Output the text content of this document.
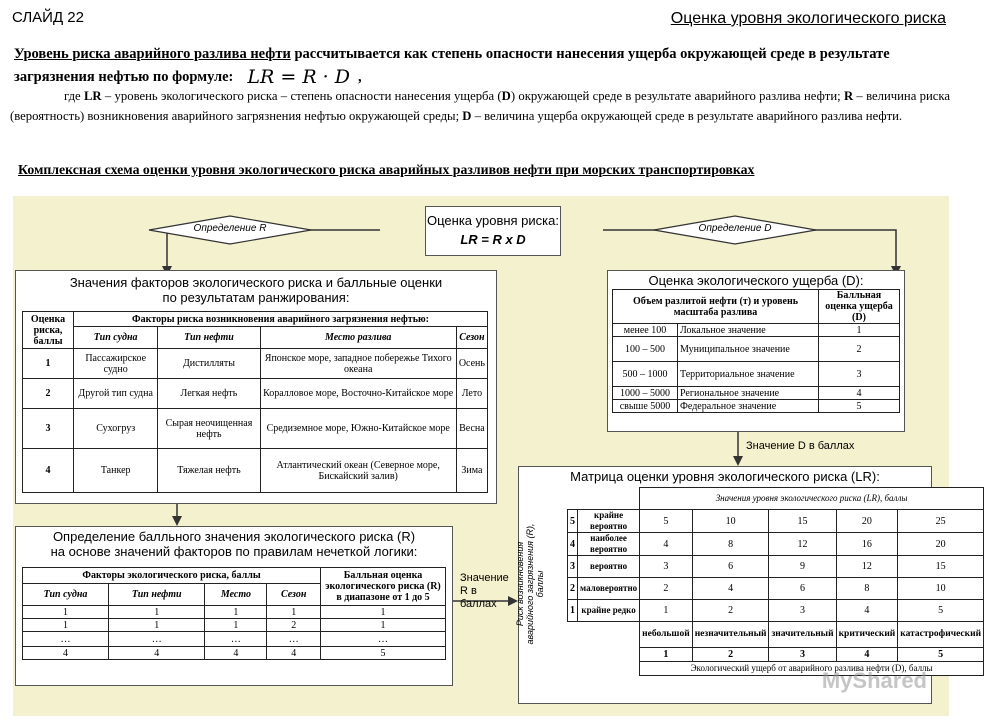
СЛАЙД 22	Оценка уровня экологического риска
Уровень риска аварийного разлива нефти рассчитывается как степень опасности нанесения ущерба окружающей среде в результате загрязнения нефтью по формуле: LR = R · D ,
где LR – уровень экологического риска – степень опасности нанесения ущерба (D) окружающей среде в результате аварийного разлива нефти; R – величина риска (вероятность) возникновения аварийного загрязнения нефтью окружающей среды; D – величина ущерба окружающей среде в результате аварийного разлива нефти.
Комплексная схема оценки уровня экологического риска аварийных разливов нефти при морских транспортировках
Определение R	Определение D
Оценка уровня риска:
LR = R x D
Значения факторов экологического риска и балльные оценки
по результатам ранжирования:
Оценка риска, баллы	Факторы риска возникновения аварийного загрязнения нефтью:			
	Тип судна	Тип нефти	Место разлива	Сезон
1	Пассажирское судно	Дистилляты	Японское море, западное побережье Тихого океана	Осень
2	Другой тип судна	Легкая нефть	Коралловое море, Восточно-Китайское море	Лето
3	Сухогруз	Сырая неочищенная нефть	Средиземное море, Южно-Китайское море	Весна
4	Танкер	Тяжелая нефть	Атлантический океан (Северное море, Бискайский залив)	Зима
Оценка экологического ущерба (D):
Объем разлитой нефти (т) и уровень масштаба разлива		Балльная оценка ущерба (D)
менее 100	Локальное значение	1
100 – 500	Муниципальное значение	2
500 – 1000	Территориальное значение	3
1000 – 5000	Региональное значение	4
свыше 5000	Федеральное значение	5
Значение D в баллах
Определение балльного значения экологического риска (R)
на основе значений факторов по правилам нечеткой логики:
Факторы экологического риска, баллы				Балльная оценка экологического риска (R) в диапазоне от 1 до 5
Тип судна	Тип нефти	Место	Сезон	
1	1	1	1	1
1	1	1	2	1
…	…	…	…	…
4	4	4	4	5
Значение R в баллах
Матрица оценки уровня экологического риска (LR):
Риск возникновения аварийного загрязнения (R), баллы
		Значения уровня экологического риска (LR), баллы				
5	крайне вероятно	5	10	15	20	25
4	наиболее вероятно	4	8	12	16	20
3	вероятно	3	6	9	12	15
2	маловероятно	2	4	6	8	10
1	крайне редко	1	2	3	4	5
		небольшой	незначительный	значительный	критический	катастрофический
		1	2	3	4	5
		Экологический ущерб от аварийного разлива нефти (D), баллы				
MyShared
